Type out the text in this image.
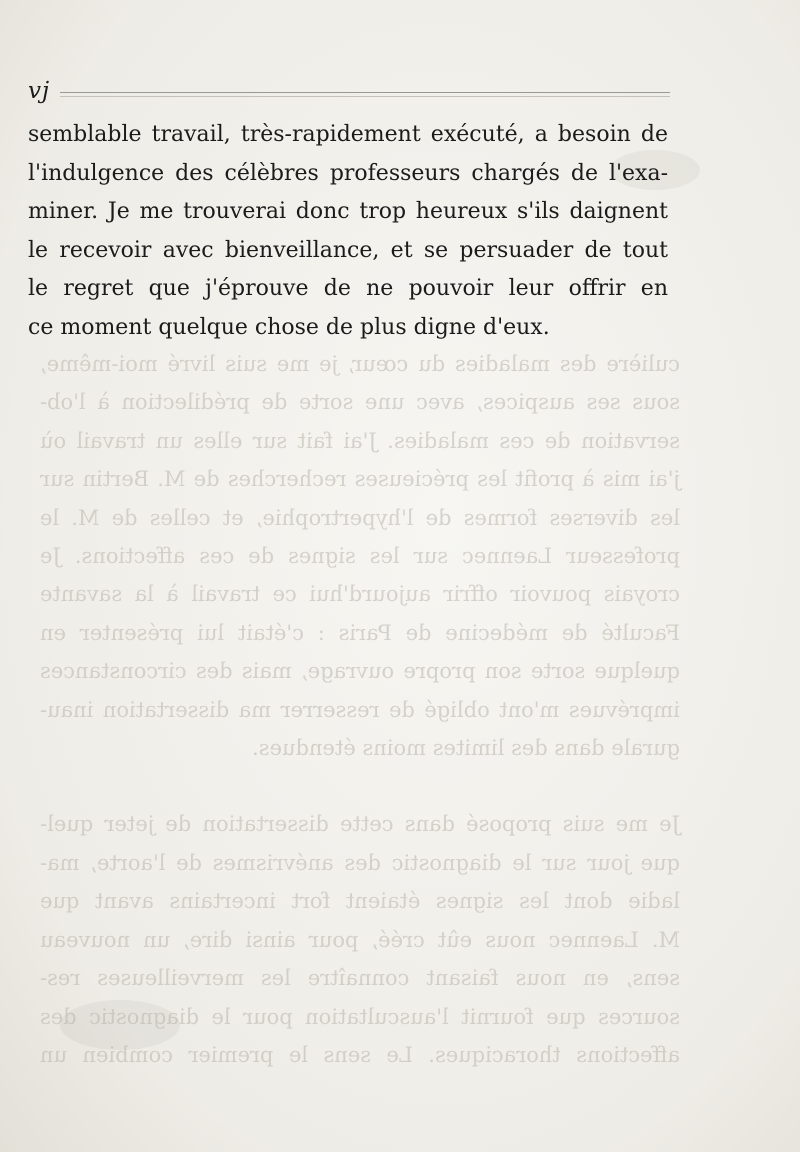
culière des maladies du cœur, je me suis livré moi-même,
sous ses auspices, avec une sorte de prédilection à l'ob-
servation de ces maladies. J'ai fait sur elles un travail où
j'ai mis à profit les précieuses recherches de M. Bertin sur
les diverses formes de l'hypertrophie, et celles de M. le
professeur Laennec sur les signes de ces affections. Je
croyais pouvoir offrir aujourd'hui ce travail à la savante
Faculté de médecine de Paris : c'était lui présenter en
quelque sorte son propre ouvrage, mais des circonstances
imprévues m'ont obligé de resserrer ma dissertation inau-
gurale dans des limites moins étendues.
Je me suis proposé dans cette dissertation de jeter quel-
que jour sur le diagnostic des anévrismes de l'aorte, ma-
ladie dont les signes étaient fort incertains avant que
M. Laennec nous eût créé, pour ainsi dire, un nouveau
sens, en nous faisant connaître les merveilleuses res-
sources que fournit l'auscultation pour le diagnostic des
affections thoraciques. Le sens le premier combien un
vj
semblable travail, très-rapidement exécuté, a besoin de
l'indulgence des célèbres professeurs chargés de l'exa-
miner. Je me trouverai donc trop heureux s'ils daignent
le recevoir avec bienveillance, et se persuader de tout
le regret que j'éprouve de ne pouvoir leur offrir en
ce moment quelque chose de plus digne d'eux.
